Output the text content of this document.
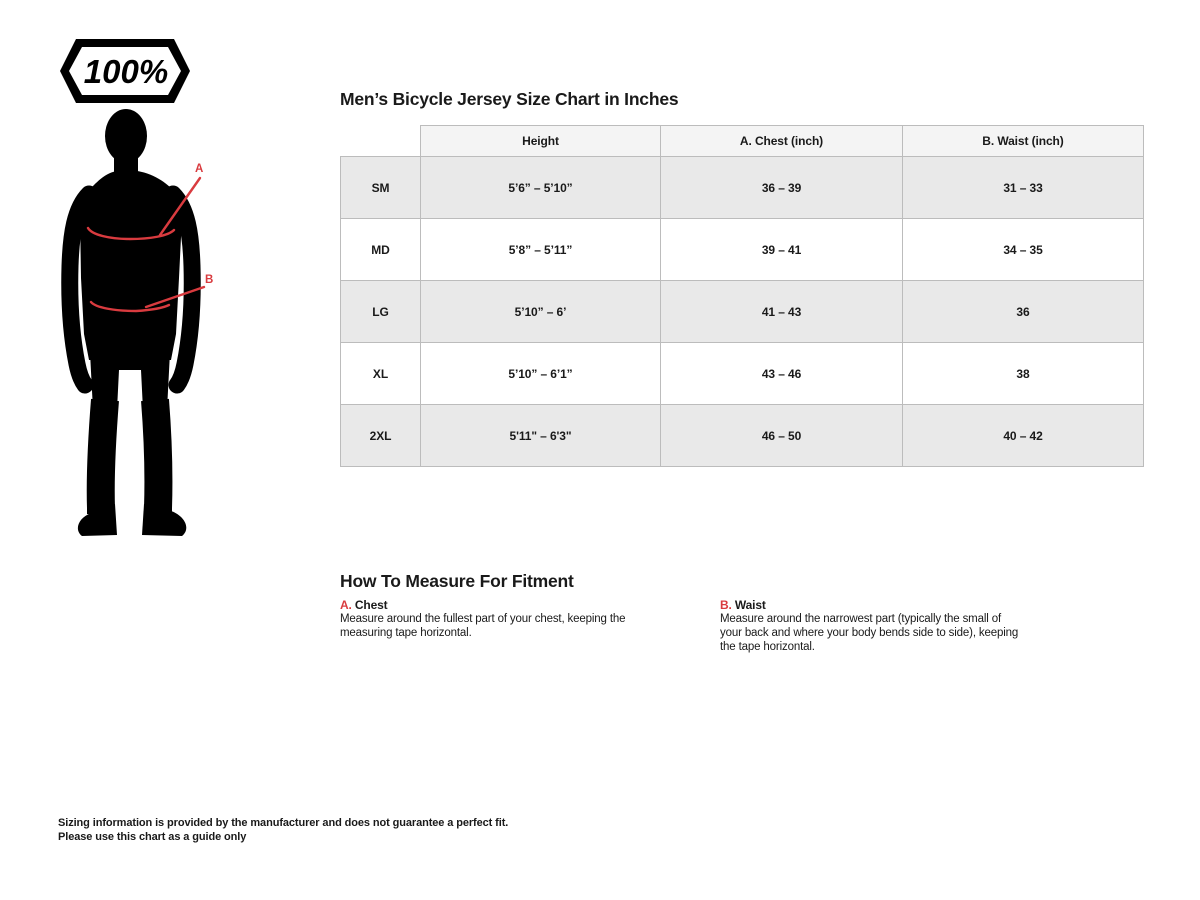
100%
A
B
Men’s Bicycle Jersey Size Chart in Inches
	Height	A. Chest (inch)	B. Waist (inch)
SM	5’6” – 5’10”	36 – 39	31 – 33
MD	5’8” – 5’11”	39 – 41	34 – 35
LG	5’10” – 6’	41 – 43	36
XL	5’10” – 6’1”	43 – 46	38
2XL	5'11" – 6'3"	46 – 50	40 – 42
How To Measure For Fitment
A. Chest
Measure around the fullest part of your chest, keeping the measuring tape horizontal.
B. Waist
Measure around the narrowest part (typically the small of your back and where your body bends side to side), keeping the tape horizontal.
Sizing information is provided by the manufacturer and does not guarantee a perfect fit.
Please use this chart as a guide only
